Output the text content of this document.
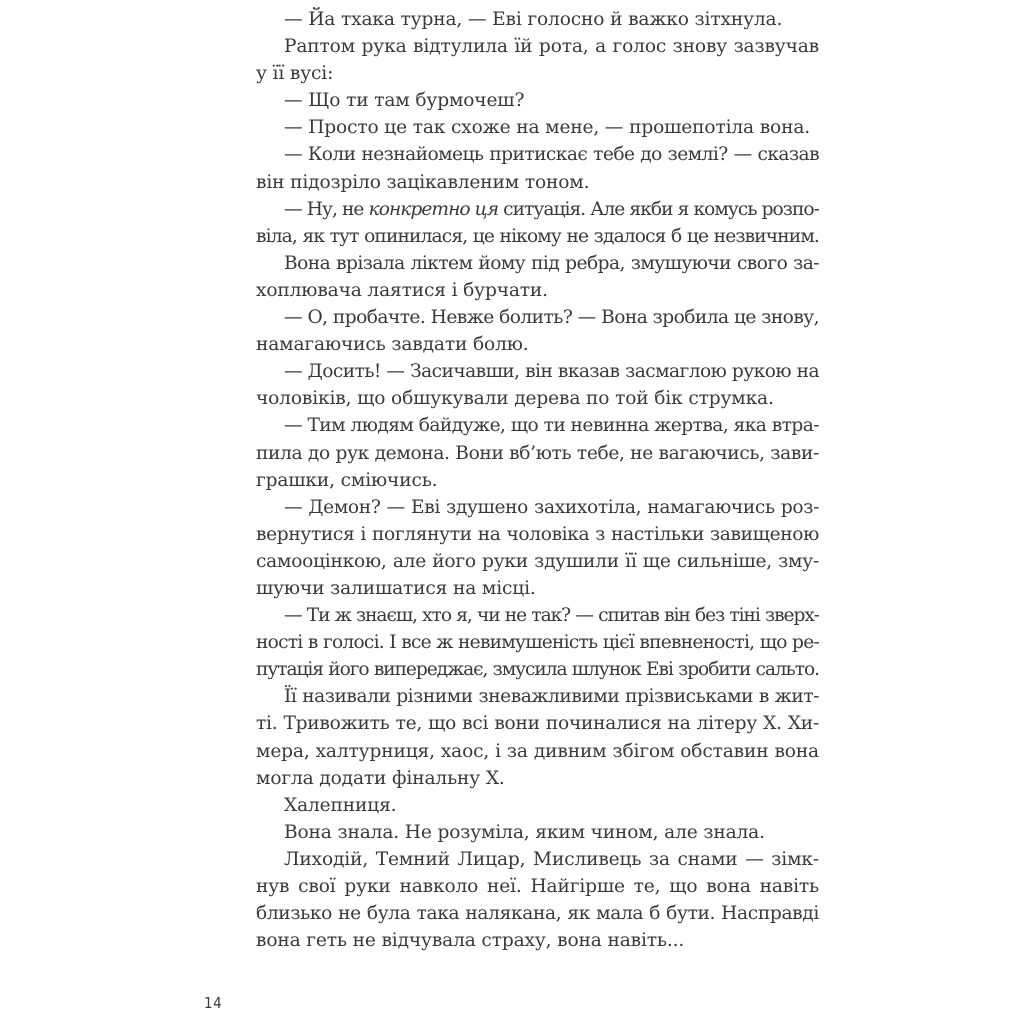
— Йа тхака турна, — Еві голосно й важко зітхнула.
Раптом рука відтулила їй рота, а голос знову зазвучав
у її вусі:
— Що ти там бурмочеш?
— Просто це так схоже на мене, — прошепотіла вона.
— Коли незнайомець притискає тебе до землі? — сказав
він підозріло зацікавленим тоном.
— Ну, не конкретно ця ситуація. Але якби я комусь розпо-
віла, як тут опинилася, це нікому не здалося б це незвичним.
Вона врізала ліктем йому під ребра, змушуючи свого за-
хоплювача лаятися і бурчати.
— О, пробачте. Невже болить? — Вона зробила це знову,
намагаючись завдати болю.
— Досить! — Засичавши, він вказав засмаглою рукою на
чоловіків, що обшукували дерева по той бік струмка.
— Тим людям байдуже, що ти невинна жертва, яка втра-
пила до рук демона. Вони вб’ють тебе, не вагаючись, зави-
грашки, сміючись.
— Демон? — Еві здушено захихотіла, намагаючись роз-
вернутися і поглянути на чоловіка з настільки завищеною
самооцінкою, але його руки здушили її ще сильніше, зму-
шуючи залишатися на місці.
— Ти ж знаєш, хто я, чи не так? — спитав він без тіні зверх-
ності в голосі. І все ж невимушеність цієї впевненості, що ре-
путація його випереджає, змусила шлунок Еві зробити сальто.
Її називали різними зневажливими прізвиськами в жит-
ті. Тривожить те, що всі вони починалися на літеру Х. Хи-
мера, халтурниця, хаос, і за дивним збігом обставин вона
могла додати фінальну Х.
Халепниця.
Вона знала. Не розуміла, яким чином, але знала.
Лиходій, Темний Лицар, Мисливець за снами — зімк-
нув свої руки навколо неї. Найгірше те, що вона навіть
близько не була така налякана, як мала б бути. Насправді
вона геть не відчувала страху, вона навіть...
14
